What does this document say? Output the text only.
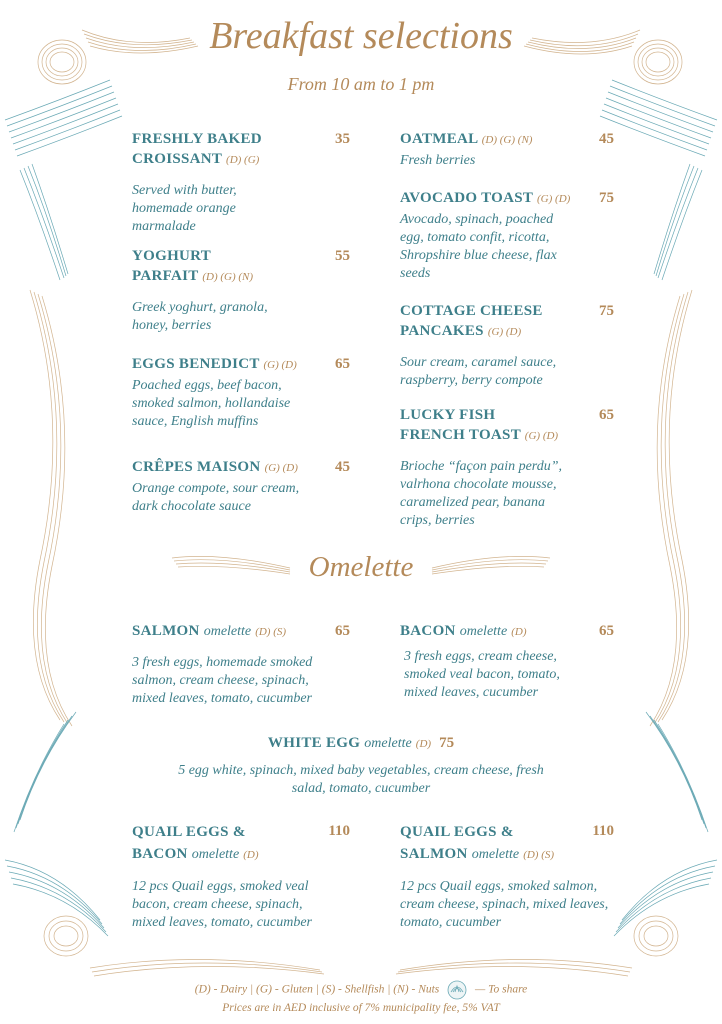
Breakfast selections
From 10 am to 1 pm
FRESHLY BAKED
CROISSANT (D) (G)
35
Served with butter, homemade orange marmalade
YOGHURT
PARFAIT (D) (G) (N)
55
Greek yoghurt, granola, honey, berries
EGGS BENEDICT (G) (D)	65
Poached eggs, beef bacon, smoked salmon, hollandaise sauce, English muffins
CRÊPES MAISON (G) (D) 45
Orange compote, sour cream, dark chocolate sauce
OATMEAL (D) (G) (N)	45
Fresh berries
AVOCADO TOAST (G) (D) 75
Avocado, spinach, poached egg, tomato confit, ricotta, Shropshire blue cheese, flax seeds
COTTAGE CHEESE
PANCAKES (G) (D)
75
Sour cream, caramel sauce, raspberry, berry compote
LUCKY FISH
FRENCH TOAST (G) (D)
65
Brioche “façon pain perdu”, valrhona chocolate mousse, caramelized pear, banana crips, berries
Omelette
SALMON omelette (D) (S)	65
3 fresh eggs, homemade smoked salmon, cream cheese, spinach, mixed leaves, tomato, cucumber
BACON omelette (D)	65
3 fresh eggs, cream cheese, smoked veal bacon, tomato, mixed leaves, cucumber
WHITE EGG omelette (D) 75
5 egg white, spinach, mixed baby vegetables, cream cheese, fresh salad, tomato, cucumber
QUAIL EGGS &
BACON omelette (D)
110
12 pcs Quail eggs, smoked veal bacon, cream cheese, spinach, mixed leaves, tomato, cucumber
QUAIL EGGS &
SALMON omelette (D) (S)
110
12 pcs Quail eggs, smoked salmon, cream cheese, spinach, mixed leaves, tomato, cucumber
(D) - Dairy | (G) - Gluten | (S) - Shellfish | (N) - Nuts	— To share
Prices are in AED inclusive of 7% municipality fee, 5% VAT
